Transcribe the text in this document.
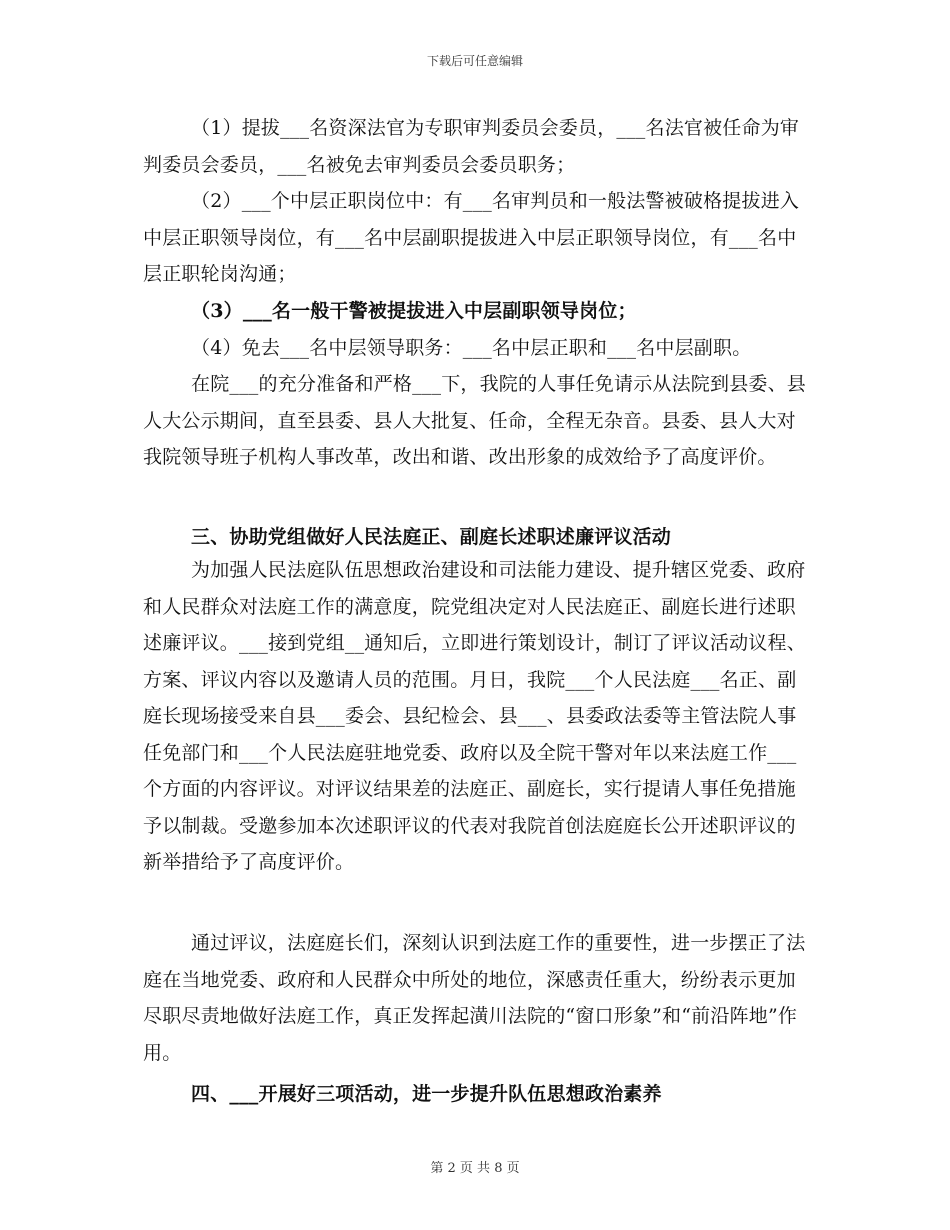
下载后可任意编辑

（1）提拔___名资深法官为专职审判委员会委员，___名法官被任命为审判委员会委员，___名被免去审判委员会委员职务；

（2）___个中层正职岗位中：有___名审判员和一般法警被破格提拔进入中层正职领导岗位，有___名中层副职提拔进入中层正职领导岗位，有___名中层正职轮岗沟通；

（3）___名一般干警被提拔进入中层副职领导岗位；

（4）免去___名中层领导职务：___名中层正职和___名中层副职。

在院___的充分准备和严格___下，我院的人事任免请示从法院到县委、县人大公示期间，直至县委、县人大批复、任命，全程无杂音。县委、县人大对我院领导班子机构人事改革，改出和谐、改出形象的成效给予了高度评价。

三、协助党组做好人民法庭正、副庭长述职述廉评议活动

为加强人民法庭队伍思想政治建设和司法能力建设、提升辖区党委、政府和人民群众对法庭工作的满意度，院党组决定对人民法庭正、副庭长进行述职述廉评议。___接到党组__通知后，立即进行策划设计，制订了评议活动议程、方案、评议内容以及邀请人员的范围。月日，我院___个人民法庭___名正、副庭长现场接受来自县___委会、县纪检会、县___、县委政法委等主管法院人事任免部门和___个人民法庭驻地党委、政府以及全院干警对年以来法庭工作___个方面的内容评议。对评议结果差的法庭正、副庭长，实行提请人事任免措施予以制裁。受邀参加本次述职评议的代表对我院首创法庭庭长公开述职评议的新举措给予了高度评价。

通过评议，法庭庭长们，深刻认识到法庭工作的重要性，进一步摆正了法庭在当地党委、政府和人民群众中所处的地位，深感责任重大，纷纷表示更加尽职尽责地做好法庭工作，真正发挥起潢川法院的“窗口形象”和“前沿阵地”作用。

四、___开展好三项活动，进一步提升队伍思想政治素养

第 2 页 共 8 页
